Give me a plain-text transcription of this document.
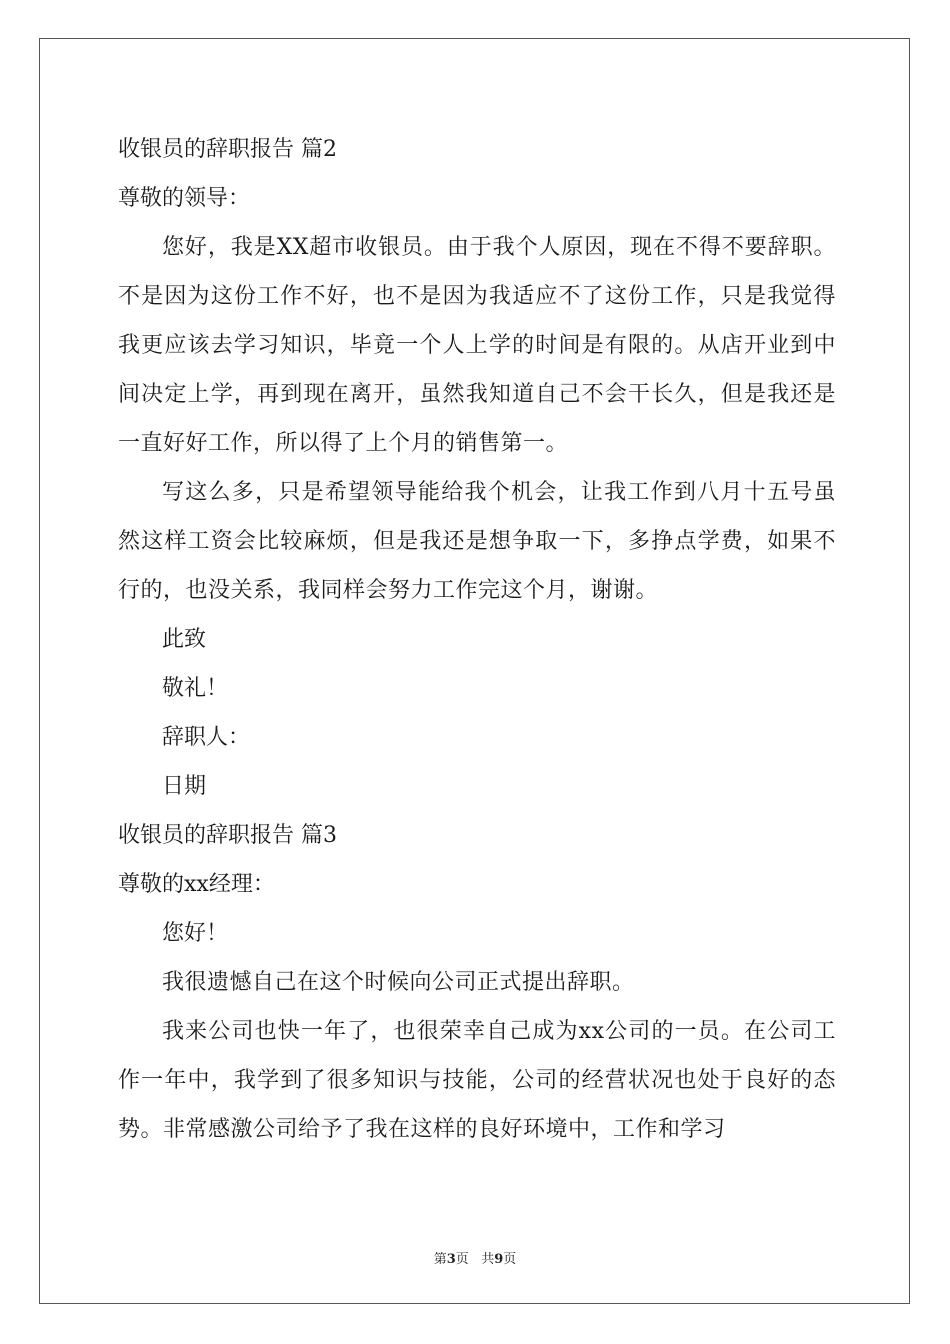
收银员的辞职报告 篇2
尊敬的领导：

您好，我是XX超市收银员。由于我个人原因，现在不得不要辞职。不是因为这份工作不好，也不是因为我适应不了这份工作，只是我觉得我更应该去学习知识，毕竟一个人上学的时间是有限的。从店开业到中间决定上学，再到现在离开，虽然我知道自己不会干长久，但是我还是一直好好工作，所以得了上个月的销售第一。

写这么多，只是希望领导能给我个机会，让我工作到八月十五号虽然这样工资会比较麻烦，但是我还是想争取一下，多挣点学费，如果不行的，也没关系，我同样会努力工作完这个月，谢谢。

此致
敬礼！
辞职人：
日期
收银员的辞职报告 篇3
尊敬的xx经理：
您好！

我很遗憾自己在这个时候向公司正式提出辞职。

我来公司也快一年了，也很荣幸自己成为xx公司的一员。在公司工作一年中，我学到了很多知识与技能，公司的经营状况也处于良好的态势。非常感激公司给予了我在这样的良好环境中，工作和学习

第3页 共9页
